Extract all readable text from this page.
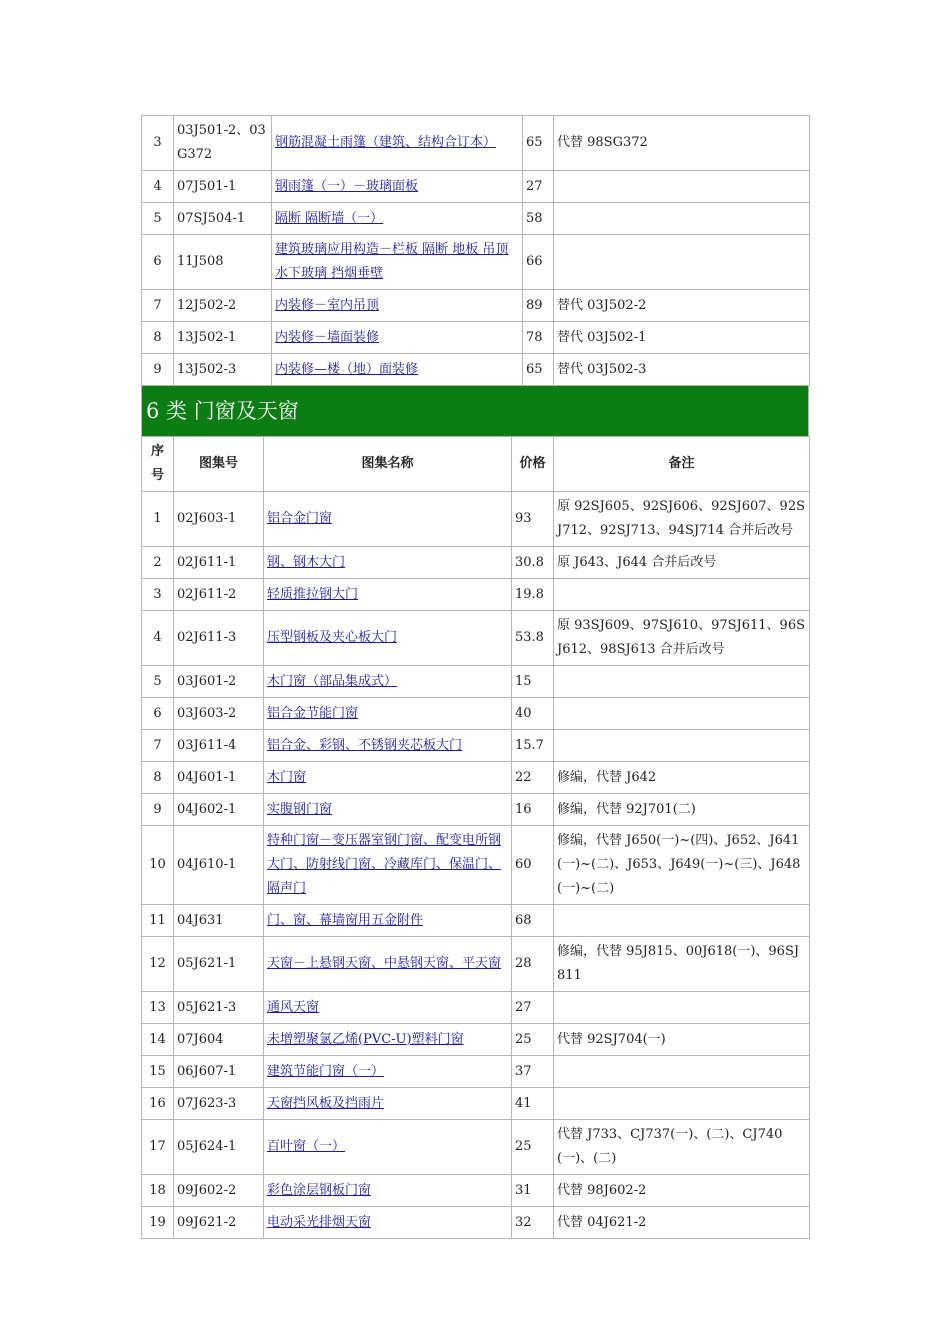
3	03J501-2、03G372	钢筋混凝土雨篷（建筑、结构合订本）	65	代替 98SG372
4	07J501-1	钢雨篷（一）－玻璃面板	27	
5	07SJ504-1	隔断 隔断墙（一）	58	
6	11J508	建筑玻璃应用构造－栏板 隔断 地板 吊顶 水下玻璃 挡烟垂壁	66	
7	12J502-2	内装修－室内吊顶	89	替代 03J502-2
8	13J502-1	内装修－墙面装修	78	替代 03J502-1
9	13J502-3	内装修—楼（地）面装修	65	替代 03J502-3
6 类 门窗及天窗
序号	图集号	图集名称	价格	备注
1	02J603-1	铝合金门窗	93	原 92SJ605、92SJ606、92SJ607、92SJ712、92SJ713、94SJ714 合并后改号
2	02J611-1	钢、钢木大门	30.8	原 J643、J644 合并后改号
3	02J611-2	轻质推拉钢大门	19.8	
4	02J611-3	压型钢板及夹心板大门	53.8	原 93SJ609、97SJ610、97SJ611、96SJ612、98SJ613 合并后改号
5	03J601-2	木门窗（部品集成式）	15	
6	03J603-2	铝合金节能门窗	40	
7	03J611-4	铝合金、彩钢、不锈钢夹芯板大门	15.7	
8	04J601-1	木门窗	22	修编，代替 J642
9	04J602-1	实腹钢门窗	16	修编，代替 92J701(二)
10	04J610-1	特种门窗－变压器室钢门窗、配变电所钢大门、防射线门窗、冷藏库门、保温门、隔声门	60	修编，代替 J650(一)~(四)、J652、J641(一)~(二)、J653、J649(一)~(三)、J648(一)~(二)
11	04J631	门、窗、幕墙窗用五金附件	68	
12	05J621-1	天窗－上悬钢天窗、中悬钢天窗、平天窗	28	修编，代替 95J815、00J618(一)、96SJ811
13	05J621-3	通风天窗	27	
14	07J604	未增塑聚氯乙烯(PVC-U)塑料门窗	25	代替 92SJ704(一)
15	06J607-1	建筑节能门窗（一）	37	
16	07J623-3	天窗挡风板及挡雨片	41	
17	05J624-1	百叶窗（一）	25	代替 J733、CJ737(一)、(二)、CJ740(一)、(二)
18	09J602-2	彩色涂层钢板门窗	31	代替 98J602-2
19	09J621-2	电动采光排烟天窗	32	代替 04J621-2
